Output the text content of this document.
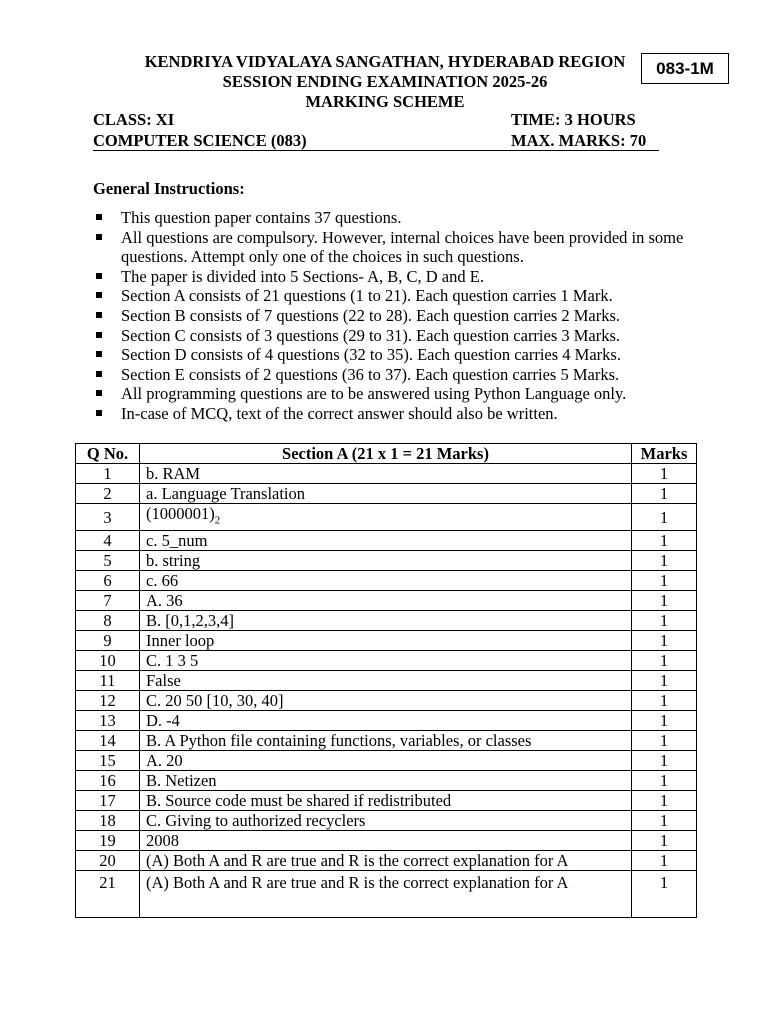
083-1M
KENDRIYA VIDYALAYA SANGATHAN, HYDERABAD REGION
SESSION ENDING EXAMINATION 2025-26
MARKING SCHEME
CLASS: XI	TIME: 3 HOURS
COMPUTER SCIENCE (083)	MAX. MARKS: 70
General Instructions:
This question paper contains 37 questions.
All questions are compulsory. However, internal choices have been provided in some questions. Attempt only one of the choices in such questions.
The paper is divided into 5 Sections- A, B, C, D and E.
Section A consists of 21 questions (1 to 21). Each question carries 1 Mark.
Section B consists of 7 questions (22 to 28). Each question carries 2 Marks.
Section C consists of 3 questions (29 to 31). Each question carries 3 Marks.
Section D consists of 4 questions (32 to 35). Each question carries 4 Marks.
Section E consists of 2 questions (36 to 37). Each question carries 5 Marks.
All programming questions are to be answered using Python Language only.
In-case of MCQ, text of the correct answer should also be written.
Q No.	Section A (21 x 1 = 21 Marks)	Marks
1	b. RAM	1
2	a. Language Translation	1
3	$(1000001)_2$	1
4	c. 5_num	1
5	b. string	1
6	c. 66	1
7	A. 36	1
8	B. [0,1,2,3,4]	1
9	Inner loop	1
10	C. 1 3 5	1
11	False	1
12	C. 20 50 [10, 30, 40]	1
13	D. -4	1
14	B. A Python file containing functions, variables, or classes	1
15	A. 20	1
16	B. Netizen	1
17	B. Source code must be shared if redistributed	1
18	C. Giving to authorized recyclers	1
19	2008	1
20	(A) Both A and R are true and R is the correct explanation for A	1
21	(A) Both A and R are true and R is the correct explanation for A	1
